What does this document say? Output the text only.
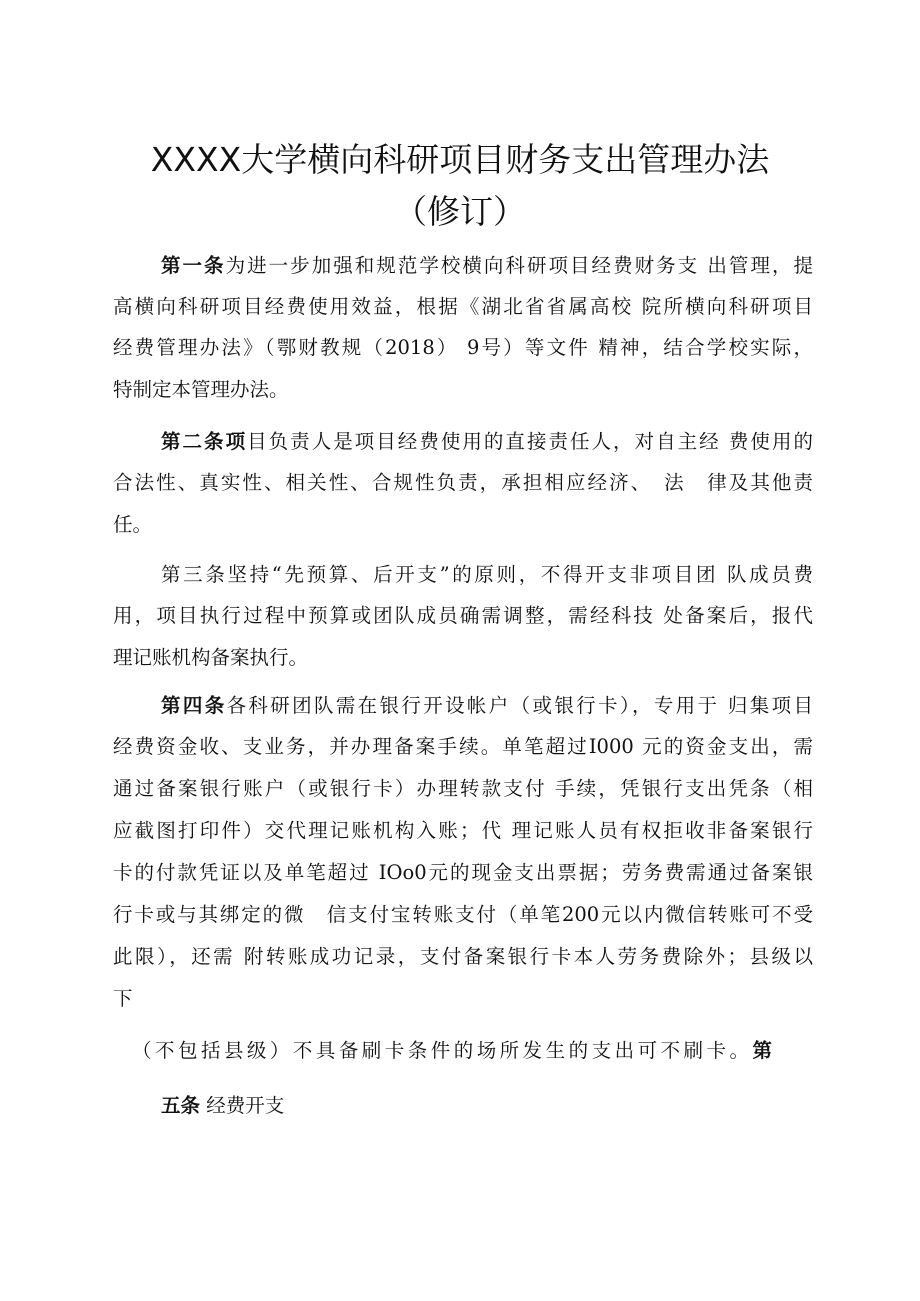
XXXX大学横向科研项目财务支出管理办法
（修订）

第一条为进一步加强和规范学校横向科研项目经费财务支 出管理，提

高横向科研项目经费使用效益，根据《湖北省省属高校 院所横向科研项目

经费管理办法》（鄂财教规（2018） 9号）等文件 精神，结合学校实际，

特制定本管理办法。

第二条项目负责人是项目经费使用的直接责任人，对自主经 费使用的

合法性、真实性、相关性、合规性负责，承担相应经济、　法　律及其他责

任。

第三条坚持“先预算、后开支”的原则，不得开支非项目团 队成员费

用，项目执行过程中预算或团队成员确需调整，需经科技 处备案后，报代

理记账机构备案执行。

第四条各科研团队需在银行开设帐户（或银行卡），专用于 归集项目

经费资金收、支业务，并办理备案手续。单笔超过I000 元的资金支出，需

通过备案银行账户（或银行卡）办理转款支付 手续，凭银行支出凭条（相

应截图打印件）交代理记账机构入账；代 理记账人员有权拒收非备案银行

卡的付款凭证以及单笔超过 IOo0元的现金支出票据；劳务费需通过备案银

行卡或与其绑定的微　信支付宝转账支付（单笔200元以内微信转账可不受

此限），还需 附转账成功记录，支付备案银行卡本人劳务费除外；县级以

下

（不包括县级）不具备刷卡条件的场所发生的支出可不刷卡。第

五条 经费开支
